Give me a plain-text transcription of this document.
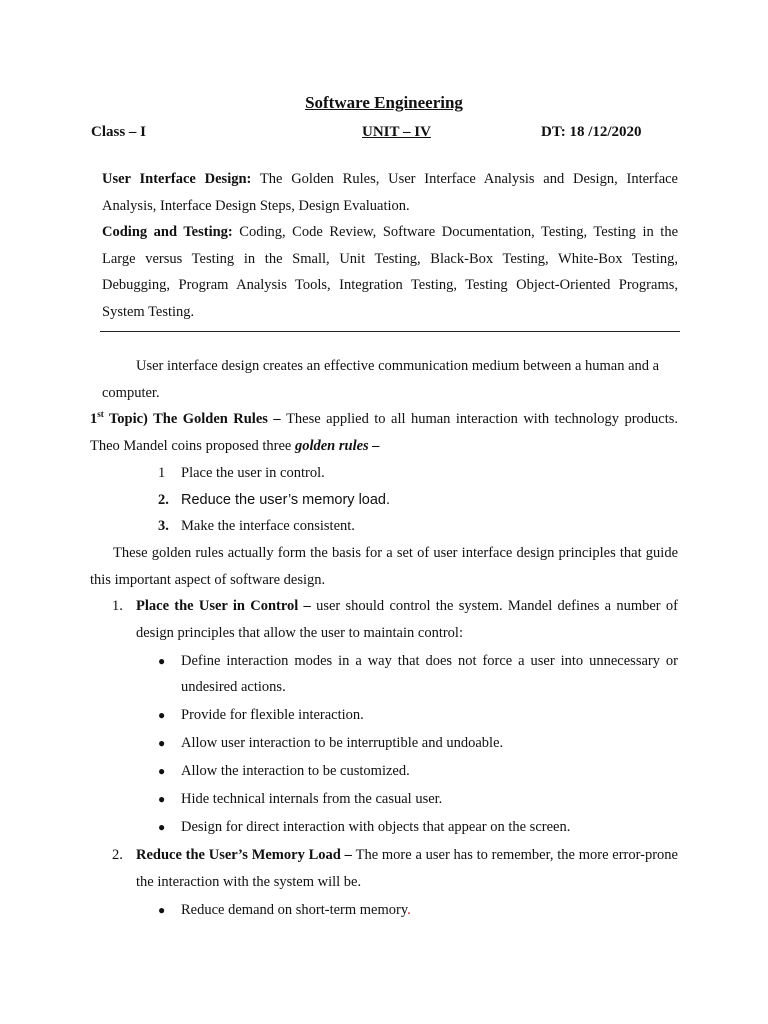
Software Engineering
Class – I	UNIT – IV	DT: 18 /12/2020

User Interface Design: The Golden Rules, User Interface Analysis and Design, Interface Analysis, Interface Design Steps, Design Evaluation.

Coding and Testing: Coding, Code Review, Software Documentation, Testing, Testing in the Large versus Testing in the Small, Unit Testing, Black-Box Testing, White-Box Testing, Debugging, Program Analysis Tools, Integration Testing, Testing Object-Oriented Programs, System Testing.

User interface design creates an effective communication medium between a human and a computer.

1st Topic) The Golden Rules – These applied to all human interaction with technology products. Theo Mandel coins proposed three golden rules –

1 Place the user in control.
2. Reduce the user’s memory load.
3. Make the interface consistent.

These golden rules actually form the basis for a set of user interface design principles that guide this important aspect of software design.

1. Place the User in Control – user should control the system. Mandel defines a number of design principles that allow the user to maintain control:
● Define interaction modes in a way that does not force a user into unnecessary or undesired actions.
● Provide for flexible interaction.
● Allow user interaction to be interruptible and undoable.
● Allow the interaction to be customized.
● Hide technical internals from the casual user.
● Design for direct interaction with objects that appear on the screen.
2. Reduce the User’s Memory Load – The more a user has to remember, the more error-prone the interaction with the system will be.
● Reduce demand on short-term memory.
